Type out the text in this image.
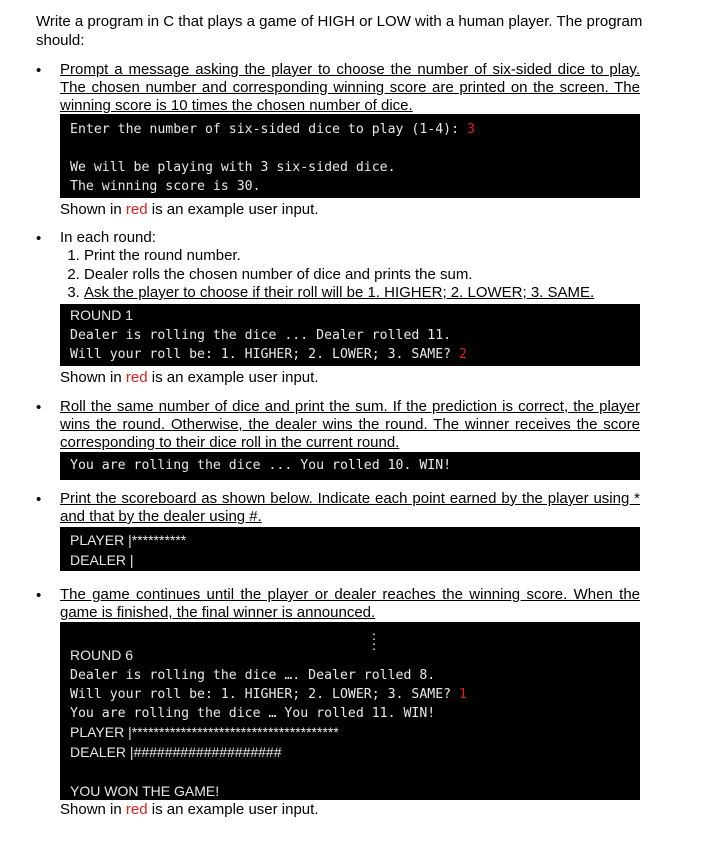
Write a program in C that plays a game of HIGH or LOW with a human player. The program should:
•	Prompt a message asking the player to choose the number of six-sided dice to play. The chosen number and corresponding winning score are printed on the screen. The winning score is 10 times the chosen number of dice.
Enter the number of six-sided dice to play (1-4): 3

We will be playing with 3 six-sided dice.
The winning score is 30.
Shown in red is an example user input.
•	In each round:
1. Print the round number.
2. Dealer rolls the chosen number of dice and prints the sum.
3. Ask the player to choose if their roll will be 1. HIGHER; 2. LOWER; 3. SAME.
ROUND 1
Dealer is rolling the dice ... Dealer rolled 11.
Will your roll be: 1. HIGHER; 2. LOWER; 3. SAME? 2
Shown in red is an example user input.
•	Roll the same number of dice and print the sum. If the prediction is correct, the player wins the round. Otherwise, the dealer wins the round. The winner receives the score corresponding to their dice roll in the current round.
You are rolling the dice ... You rolled 10. WIN!
•	Print the scoreboard as shown below. Indicate each point earned by the player using * and that by the dealer using #.
PLAYER |**********
DEALER |
•	The game continues until the player or dealer reaches the winning score. When the game is finished, the final winner is announced.
.
.
.
.
ROUND 6
Dealer is rolling the dice …. Dealer rolled 8.
Will your roll be: 1. HIGHER; 2. LOWER; 3. SAME? 1
You are rolling the dice … You rolled 11. WIN!
PLAYER |**************************************
DEALER |###################

YOU WON THE GAME!
Shown in red is an example user input.
